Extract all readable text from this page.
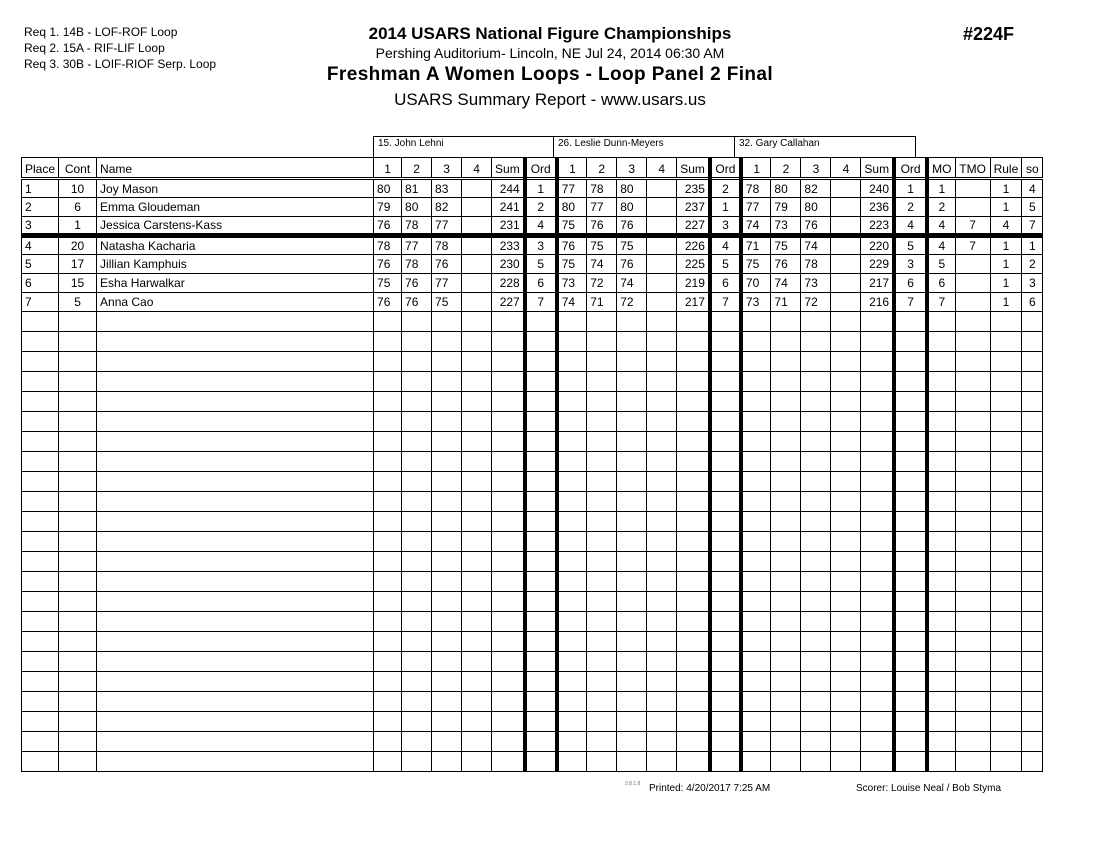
Req 1. 14B - LOF-ROF Loop
Req 2. 15A - RIF-LIF Loop
Req 3. 30B - LOIF-RIOF Serp. Loop
2014 USARS National Figure Championships
Pershing Auditorium- Lincoln, NE Jul 24, 2014 06:30 AM
Freshman A Women Loops - Loop Panel 2 Final
USARS Summary Report - www.usars.us
#224F
15. John Lehni	26. Leslie Dunn-Meyers	32. Gary Callahan
Place	Cont	Name	1	2	3	4	Sum	Ord	1	2	3	4	Sum	Ord	1	2	3	4	Sum	Ord	MO	TMO	Rule	so
1	10	Joy Mason	80	81	83		244	1	77	78	80		235	2	78	80	82		240	1	1		1	4
2	6	Emma Gloudeman	79	80	82		241	2	80	77	80		237	1	77	79	80		236	2	2		1	5
3	1	Jessica Carstens-Kass	76	78	77		231	4	75	76	76		227	3	74	73	76		223	4	4	7	4	7
4	20	Natasha Kacharia	78	77	78		233	3	76	75	75		226	4	71	75	74		220	5	4	7	1	1
5	17	Jillian Kamphuis	76	78	76		230	5	75	74	76		225	5	75	76	78		229	3	5		1	2
6	15	Esha Harwalkar	75	76	77		228	6	73	72	74		219	6	70	74	73		217	6	6		1	3
7	5	Anna Cao	76	76	75		227	7	74	71	72		217	7	73	71	72		216	7	7		1	6

3.8.1.8 Printed: 4/20/2017 7:25 AM	Scorer: Louise Neal / Bob Styma
